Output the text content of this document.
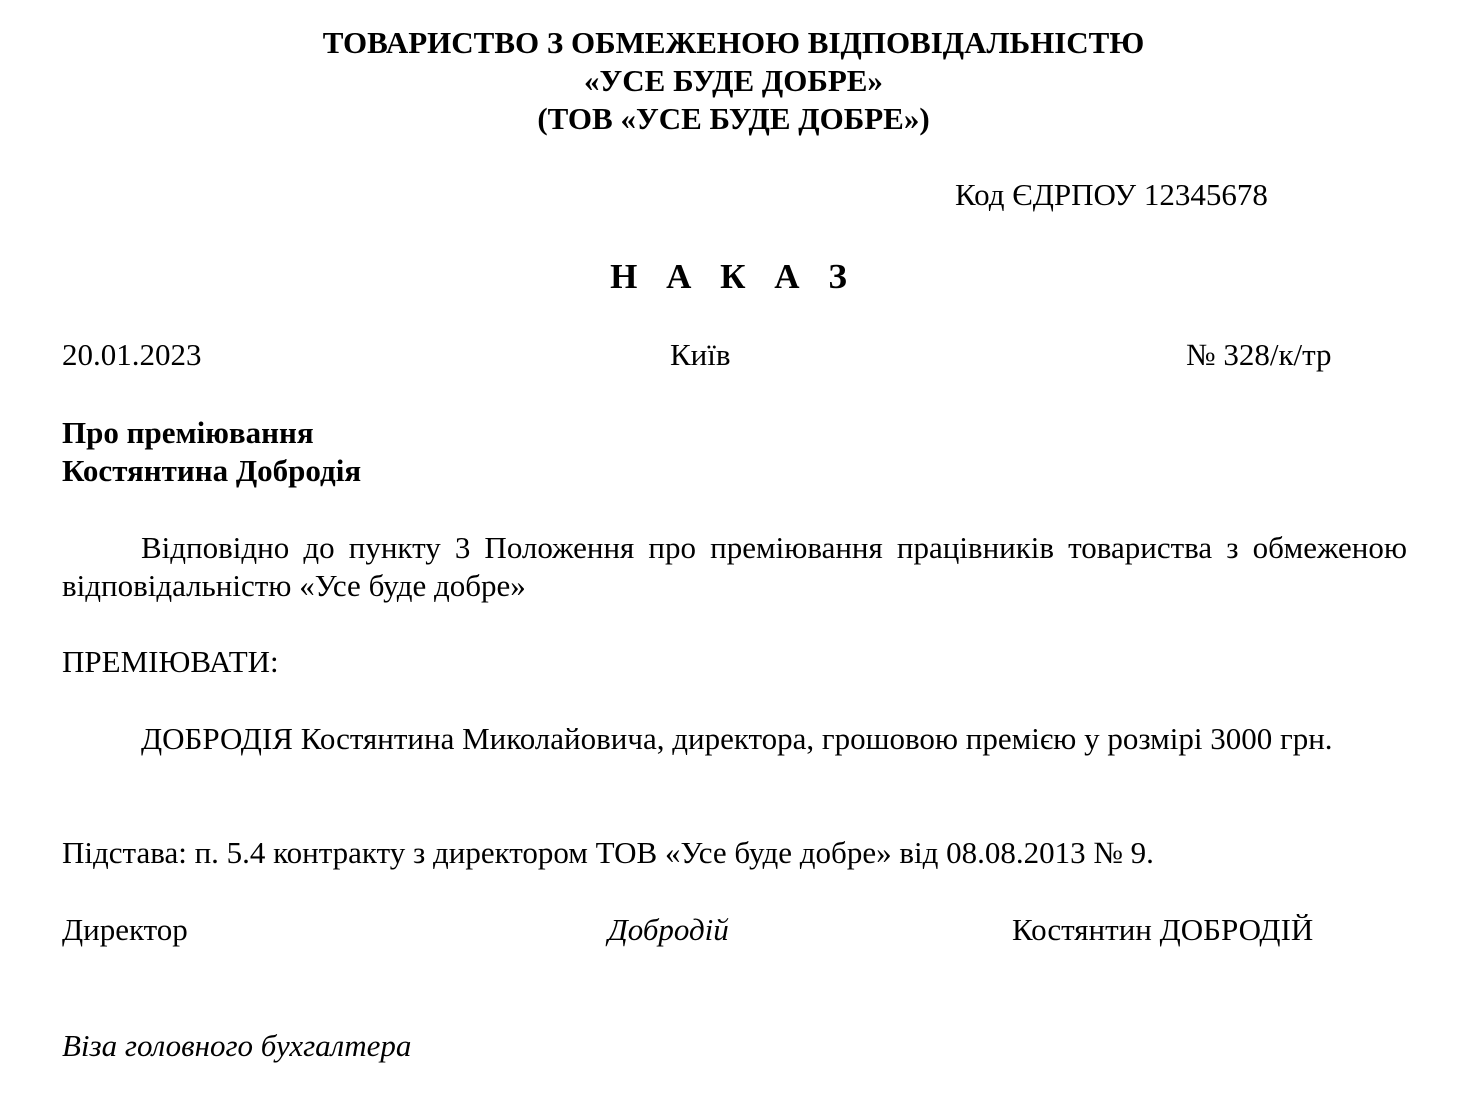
ТОВАРИСТВО З ОБМЕЖЕНОЮ ВІДПОВІДАЛЬНІСТЮ
«УСЕ БУДЕ ДОБРЕ»
(ТОВ «УСЕ БУДЕ ДОБРЕ»)
Код ЄДРПОУ 12345678
Н А К А З
20.01.2023	Київ	№ 328/к/тр
Про преміювання
Костянтина Добродія
Відповідно до пункту 3 Положення про преміювання працівників товариства з обмеженою відповідальністю «Усе буде добре»
ПРЕМІЮВАТИ:
ДОБРОДІЯ Костянтина Миколайовича, директора, грошовою премією у розмірі 3000 грн.
Підстава: п. 5.4 контракту з директором ТОВ «Усе буде добре» від 08.08.2013 № 9.
Директор	Добродій	Костянтин ДОБРОДІЙ
Віза головного бухгалтера
